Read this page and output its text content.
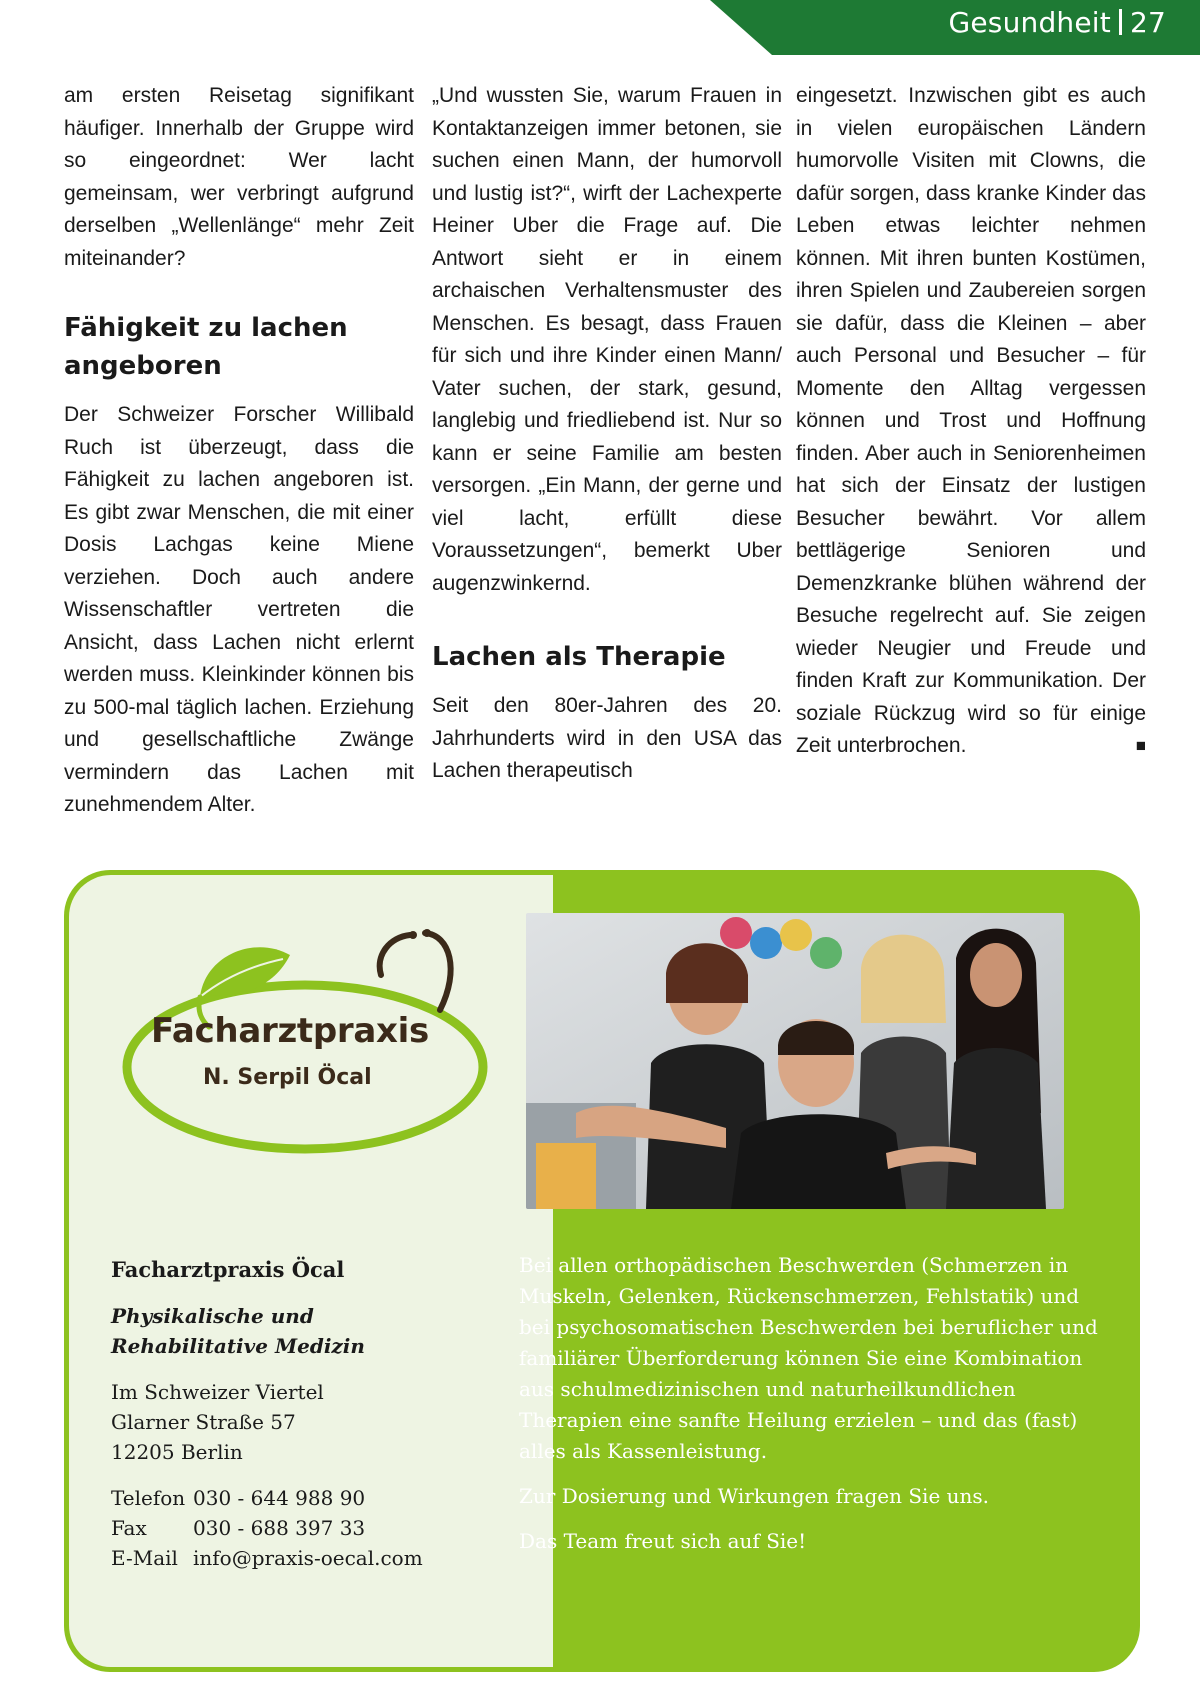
Gesundheit 27

am ersten Reisetag signifikant häufiger. Innerhalb der Gruppe wird so eingeordnet: Wer lacht gemeinsam, wer verbringt aufgrund derselben „Wellenlänge“ mehr Zeit miteinander?

Fähigkeit zu lachen angeboren

Der Schweizer Forscher Willibald Ruch ist überzeugt, dass die Fähigkeit zu lachen angeboren ist. Es gibt zwar Menschen, die mit einer Dosis Lachgas keine Miene verziehen. Doch auch andere Wissenschaftler vertreten die Ansicht, dass Lachen nicht erlernt werden muss. Kleinkinder können bis zu 500-mal täglich lachen. Erziehung und gesellschaftliche Zwänge vermindern das Lachen mit zunehmendem Alter.

„Und wussten Sie, warum Frauen in Kontaktanzeigen immer betonen, sie suchen einen Mann, der humorvoll und lustig ist?“, wirft der Lachexperte Heiner Uber die Frage auf. Die Antwort sieht er in einem archaischen Verhaltensmuster des Menschen. Es besagt, dass Frauen für sich und ihre Kinder einen Mann/ Vater suchen, der stark, gesund, langlebig und friedliebend ist. Nur so kann er seine Familie am besten versorgen. „Ein Mann, der gerne und viel lacht, erfüllt diese Voraussetzungen“, bemerkt Uber augenzwinkernd.

Lachen als Therapie

Seit den 80er-Jahren des 20. Jahrhunderts wird in den USA das Lachen therapeutisch

eingesetzt. Inzwischen gibt es auch in vielen europäischen Ländern humorvolle Visiten mit Clowns, die dafür sorgen, dass kranke Kinder das Leben etwas leichter nehmen können. Mit ihren bunten Kostümen, ihren Spielen und Zaubereien sorgen sie dafür, dass die Kleinen – aber auch Personal und Besucher – für Momente den Alltag vergessen können und Trost und Hoffnung finden. Aber auch in Seniorenheimen hat sich der Einsatz der lustigen Besucher bewährt. Vor allem bettlägerige Senioren und Demenzkranke blühen während der Besuche regelrecht auf. Sie zeigen wieder Neugier und Freude und finden Kraft zur Kommunikation. Der soziale Rückzug wird so für einige Zeit unterbrochen.	■

Facharztpraxis
N. Serpil Öcal
Facharztpraxis Öcal
Physikalische und
Rehabilitative Medizin
Im Schweizer Viertel
Glarner Straße 57
12205 Berlin
Telefon 030 - 644 988 90
Fax	030 - 688 397 33
E-Mail info@praxis-oecal.com

Bei allen orthopädischen Beschwerden (Schmerzen in Muskeln, Gelenken, Rückenschmerzen, Fehlstatik) und bei psychosomatischen Beschwerden bei beruflicher und familiärer Überforderung können Sie eine Kombination aus schulmedizinischen und naturheilkundlichen Therapien eine sanfte Heilung erzielen – und das (fast) alles als Kassenleistung.

Zur Dosierung und Wirkungen fragen Sie uns.

Das Team freut sich auf Sie!
